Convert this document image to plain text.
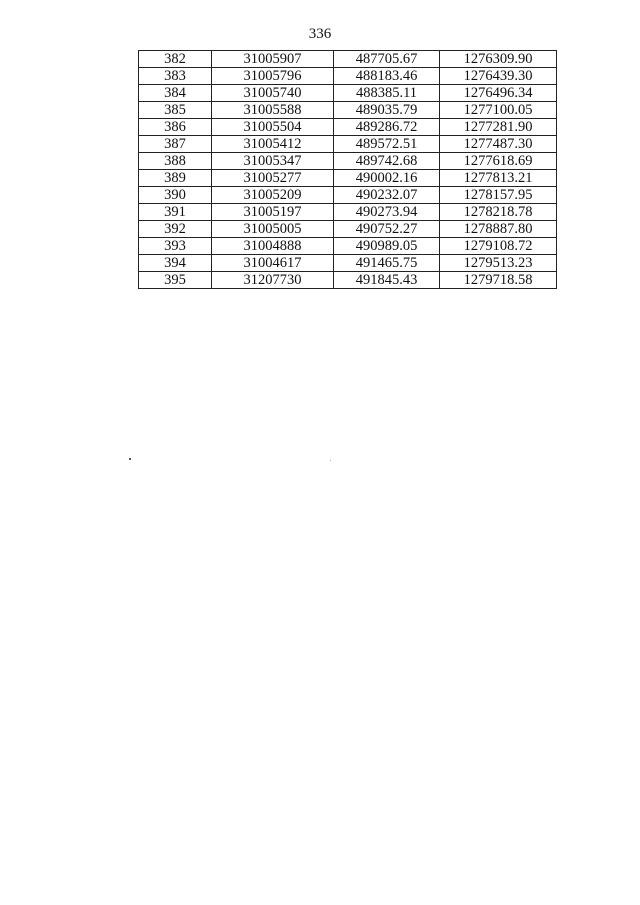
336
382	31005907	487705.67	1276309.90
383	31005796	488183.46	1276439.30
384	31005740	488385.11	1276496.34
385	31005588	489035.79	1277100.05
386	31005504	489286.72	1277281.90
387	31005412	489572.51	1277487.30
388	31005347	489742.68	1277618.69
389	31005277	490002.16	1277813.21
390	31005209	490232.07	1278157.95
391	31005197	490273.94	1278218.78
392	31005005	490752.27	1278887.80
393	31004888	490989.05	1279108.72
394	31004617	491465.75	1279513.23
395	31207730	491845.43	1279718.58
